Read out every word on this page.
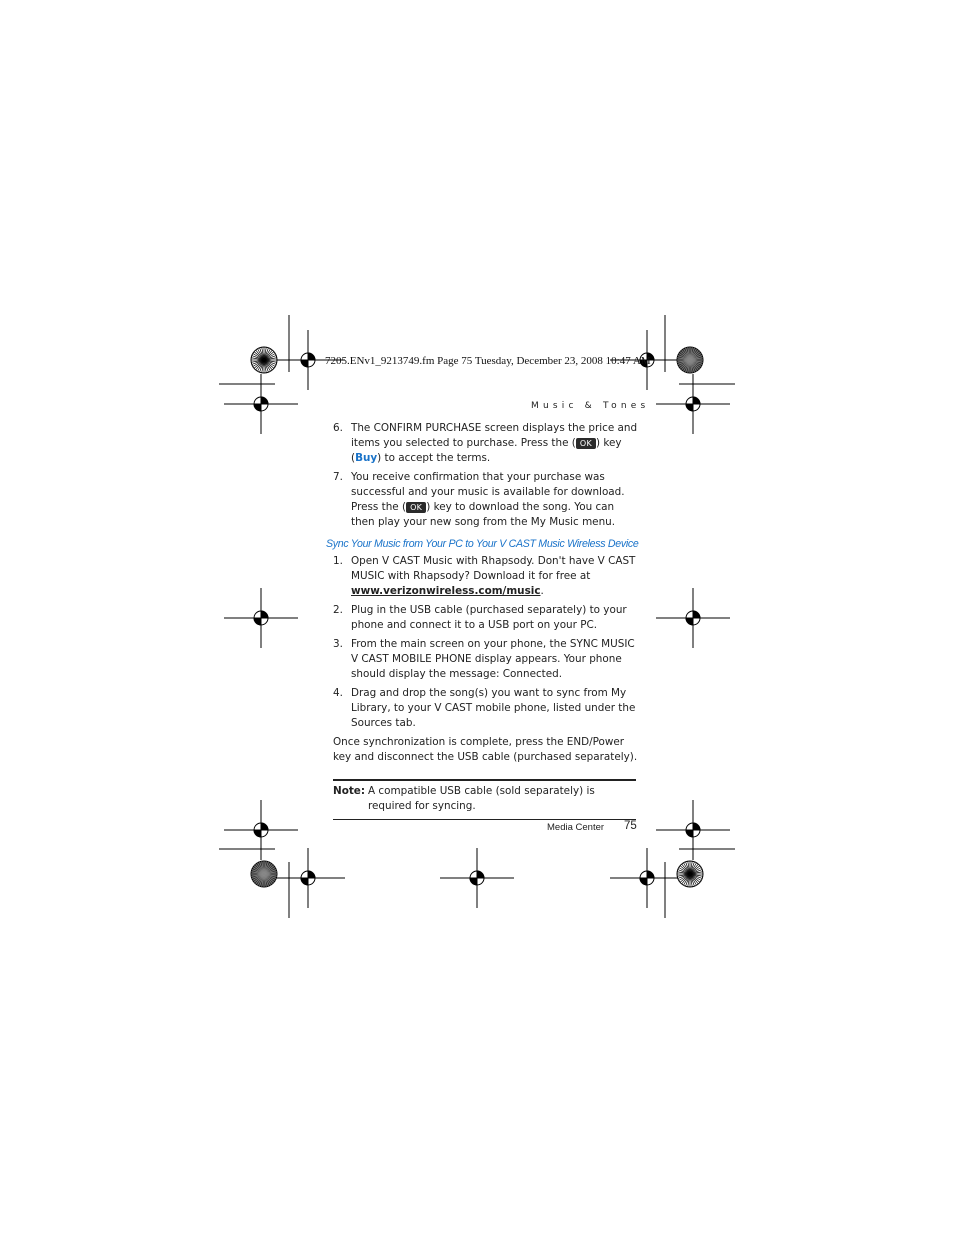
7205.ENv1_9213749.fm Page 75 Tuesday, December 23, 2008 10:47 AM
Music & Tones
6. The CONFIRM PURCHASE screen displays the price and items you selected to purchase. Press the ( OK ) key (Buy) to accept the terms.
7. You receive confirmation that your purchase was successful and your music is available for download. Press the ( OK ) key to download the song. You can then play your new song from the My Music menu.
Sync Your Music from Your PC to Your V CAST Music Wireless Device
1. Open V CAST Music with Rhapsody. Don't have V CAST MUSIC with Rhapsody? Download it for free at www.verizonwireless.com/music.
2. Plug in the USB cable (purchased separately) to your phone and connect it to a USB port on your PC.
3. From the main screen on your phone, the SYNC MUSIC V CAST MOBILE PHONE display appears. Your phone should display the message: Connected.
4. Drag and drop the song(s) you want to sync from My Library, to your V CAST mobile phone, listed under the Sources tab.

Once synchronization is complete, press the END/Power key and disconnect the USB cable (purchased separately).

Note: A compatible USB cable (sold separately) is required for syncing.
Media Center 75
